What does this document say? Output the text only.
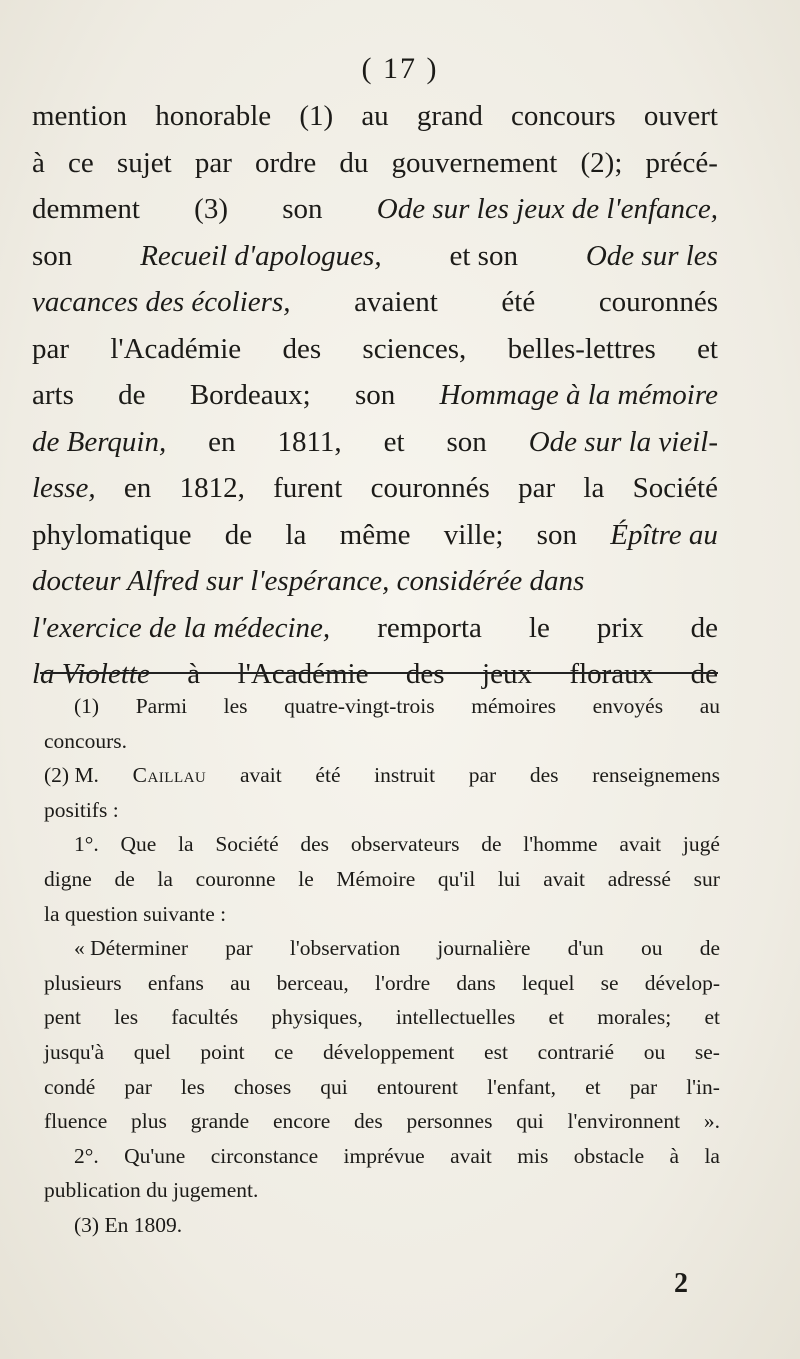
( 17 )
mention honorable (1) au grand concours ouvert
à ce sujet par ordre du gouvernement (2); précé-
demment (3) son Ode sur les jeux de l'enfance,
son Recueil d'apologues, et son Ode sur les
vacances des écoliers, avaient été couronnés
par l'Académie des sciences, belles-lettres et
arts de Bordeaux; son Hommage à la mémoire
de Berquin, en 1811, et son Ode sur la vieil-
lesse, en 1812, furent couronnés par la Société
phylomatique de la même ville; son Épître au
docteur Alfred sur l'espérance, considérée dans
l'exercice de la médecine, remporta le prix de
la Violette à l'Académie des jeux floraux de
(1) Parmi les quatre-vingt-trois mémoires envoyés au
concours.
(2) M. Caillau avait été instruit par des renseignemens
positifs :
1°. Que la Société des observateurs de l'homme avait jugé
digne de la couronne le Mémoire qu'il lui avait adressé sur
la question suivante :
« Déterminer par l'observation journalière d'un ou de
plusieurs enfans au berceau, l'ordre dans lequel se dévelop-
pent les facultés physiques, intellectuelles et morales; et
jusqu'à quel point ce développement est contrarié ou se-
condé par les choses qui entourent l'enfant, et par l'in-
fluence plus grande encore des personnes qui l'environnent ».
2°. Qu'une circonstance imprévue avait mis obstacle à la
publication du jugement.
(3) En 1809.
2
